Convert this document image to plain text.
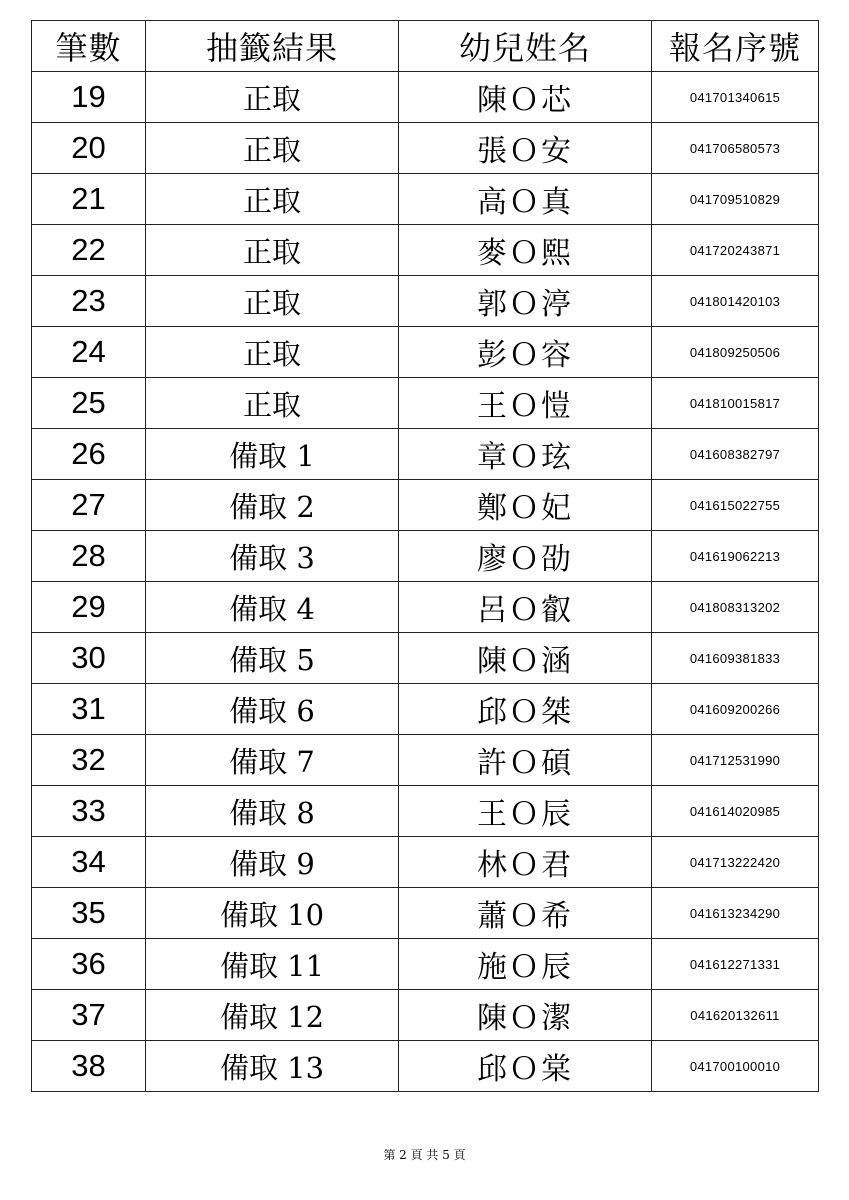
筆數	抽籤結果	幼兒姓名	報名序號
19	正取	陳Ｏ芯	041701340615
20	正取	張Ｏ安	041706580573
21	正取	高Ｏ真	041709510829
22	正取	麥Ｏ熙	041720243871
23	正取	郭Ｏ渟	041801420103
24	正取	彭Ｏ容	041809250506
25	正取	王Ｏ愷	041810015817
26	備取 1	章Ｏ玹	041608382797
27	備取 2	鄭Ｏ妃	041615022755
28	備取 3	廖Ｏ劭	041619062213
29	備取 4	呂Ｏ叡	041808313202
30	備取 5	陳Ｏ涵	041609381833
31	備取 6	邱Ｏ桀	041609200266
32	備取 7	許Ｏ碩	041712531990
33	備取 8	王Ｏ辰	041614020985
34	備取 9	林Ｏ君	041713222420
35	備取 10	蕭Ｏ希	041613234290
36	備取 11	施Ｏ辰	041612271331
37	備取 12	陳Ｏ潔	041620132611
38	備取 13	邱Ｏ棠	041700100010
第 2 頁 共 5 頁
